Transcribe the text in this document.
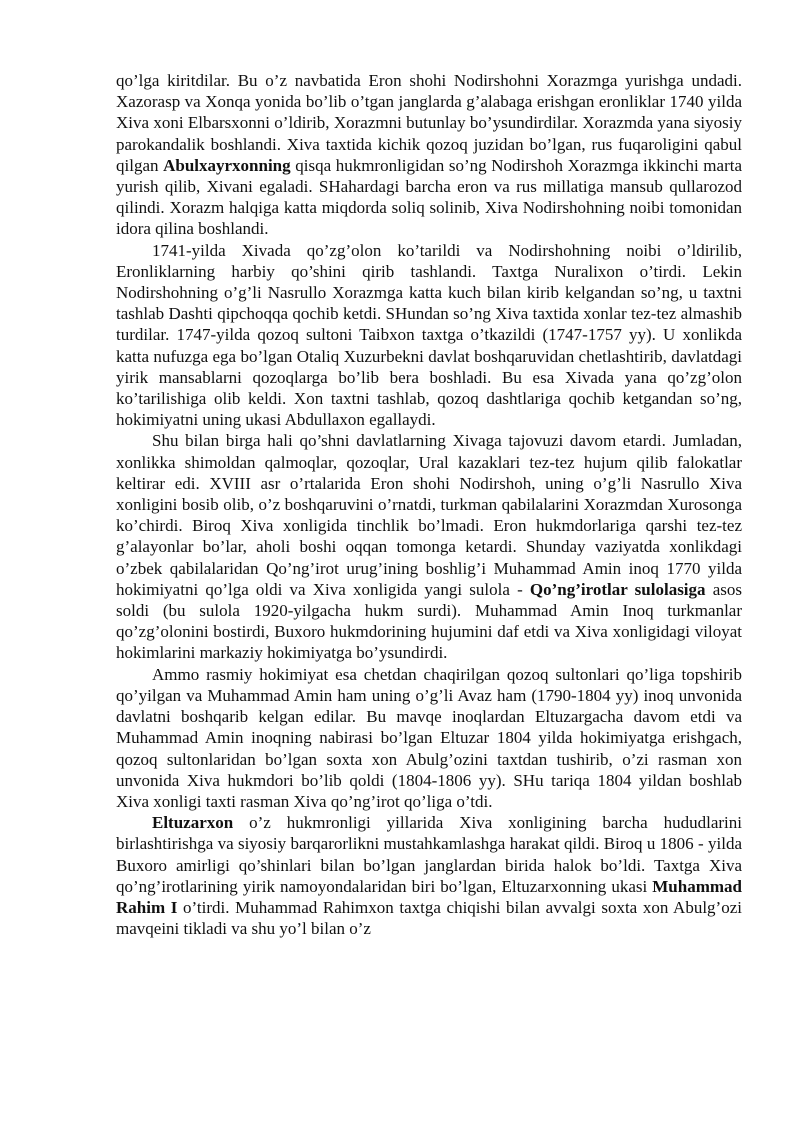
qo’lga kiritdilar. Bu o’z navbatida Eron shohi Nodirshohni Xorazmga yurishga undadi. Xazorasp va Xonqa yonida bo’lib o’tgan janglarda g’alabaga erishgan eronliklar 1740 yilda Xiva xoni Elbarsxonni o’ldirib, Xorazmni butunlay bo’ysundirdilar. Xorazmda yana siyosiy parokandalik boshlandi. Xiva taxtida kichik qozoq juzidan bo’lgan, rus fuqaroligini qabul qilgan Abulxayrxonning qisqa hukmronligidan so’ng Nodirshoh Xorazmga ikkinchi marta yurish qilib, Xivani egaladi. SHahardagi barcha eron va rus millatiga mansub qullarozod qilindi. Xorazm halqiga katta miqdorda soliq solinib, Xiva Nodirshohning noibi tomonidan idora qilina boshlandi.

1741-yilda Xivada qo’zg’olon ko’tarildi va Nodirshohning noibi o’ldirilib, Eronliklarning harbiy qo’shini qirib tashlandi. Taxtga Nuralixon o’tirdi. Lekin Nodirshohning o’g’li Nasrullo Xorazmga katta kuch bilan kirib kelgandan so’ng, u taxtni tashlab Dashti qipchoqqa qochib ketdi. SHundan so’ng Xiva taxtida xonlar tez-tez almashib turdilar. 1747-yilda qozoq sultoni Taibxon taxtga o’tkazildi (1747-1757 yy). U xonlikda katta nufuzga ega bo’lgan Otaliq Xuzurbekni davlat boshqaruvidan chetlashtirib, davlatdagi yirik mansablarni qozoqlarga bo’lib bera boshladi. Bu esa Xivada yana qo’zg’olon ko’tarilishiga olib keldi. Xon taxtni tashlab, qozoq dashtlariga qochib ketgandan so’ng, hokimiyatni uning ukasi Abdullaxon egallaydi.

Shu bilan birga hali qo’shni davlatlarning Xivaga tajovuzi davom etardi. Jumladan, xonlikka shimoldan qalmoqlar, qozoqlar, Ural kazaklari tez-tez hujum qilib falokatlar keltirar edi. XVIII asr o’rtalarida Eron shohi Nodirshoh, uning o’g’li Nasrullo Xiva xonligini bosib olib, o’z boshqaruvini o’rnatdi, turkman qabilalarini Xorazmdan Xurosonga ko’chirdi. Biroq Xiva xonligida tinchlik bo’lmadi. Eron hukmdorlariga qarshi tez-tez g’alayonlar bo’lar, aholi boshi oqqan tomonga ketardi. Shunday vaziyatda xonlikdagi o’zbek qabilalaridan Qo’ng’irot urug’ining boshlig’i Muhammad Amin inoq 1770 yilda hokimiyatni qo’lga oldi va Xiva xonligida yangi sulola - Qo’ng’irotlar sulolasiga asos soldi (bu sulola 1920-yilgacha hukm surdi). Muhammad Amin Inoq turkmanlar qo’zg’olonini bostirdi, Buxoro hukmdorining hujumini daf etdi va Xiva xonligidagi viloyat hokimlarini markaziy hokimiyatga bo’ysundirdi.

Ammo rasmiy hokimiyat esa chetdan chaqirilgan qozoq sultonlari qo’liga topshirib qo’yilgan va Muhammad Amin ham uning o’g’li Avaz ham (1790-1804 yy) inoq unvonida davlatni boshqarib kelgan edilar. Bu mavqe inoqlardan Eltuzargacha davom etdi va Muhammad Amin inoqning nabirasi bo’lgan Eltuzar 1804 yilda hokimiyatga erishgach, qozoq sultonlaridan bo’lgan soxta xon Abulg’ozini taxtdan tushirib, o’zi rasman xon unvonida Xiva hukmdori bo’lib qoldi (1804-1806 yy). SHu tariqa 1804 yildan boshlab Xiva xonligi taxti rasman Xiva qo’ng’irot qo’liga o’tdi.

Eltuzarxon o’z hukmronligi yillarida Xiva xonligining barcha hududlarini birlashtirishga va siyosiy barqarorlikni mustahkamlashga harakat qildi. Biroq u 1806 - yilda Buxoro amirligi qo’shinlari bilan bo’lgan janglardan birida halok bo’ldi. Taxtga Xiva qo’ng’irotlarining yirik namoyondalaridan biri bo’lgan, Eltuzarxonning ukasi Muhammad Rahim I o’tirdi. Muhammad Rahimxon taxtga chiqishi bilan avvalgi soxta xon Abulg’ozi mavqeini tikladi va shu yo’l bilan o’z
